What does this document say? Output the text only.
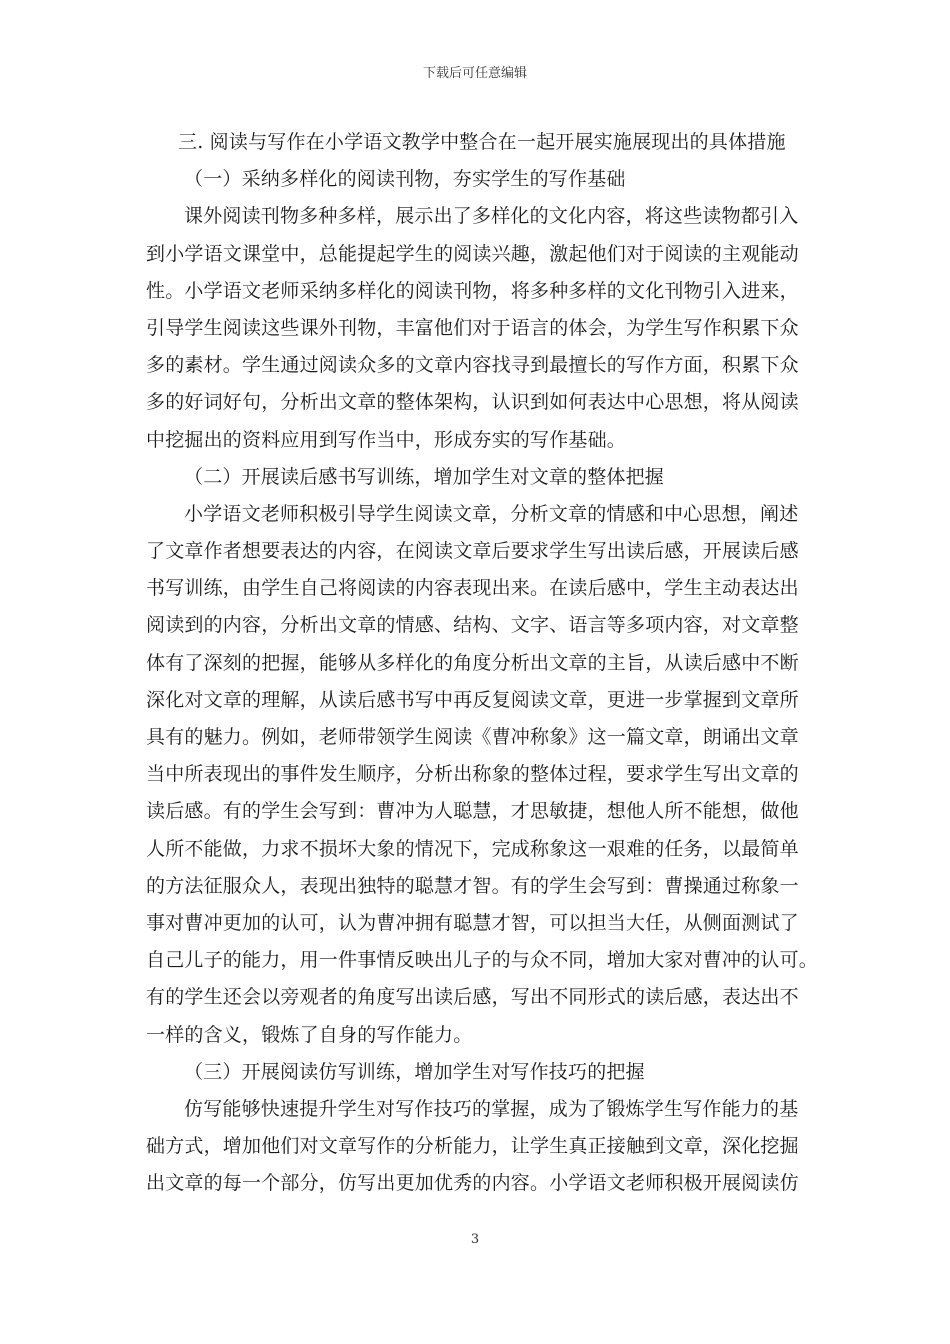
下载后可任意编辑
三. 阅读与写作在小学语文教学中整合在一起开展实施展现出的具体措施
（一）采纳多样化的阅读刊物，夯实学生的写作基础
课外阅读刊物多种多样，展示出了多样化的文化内容，将这些读物都引入
到小学语文课堂中，总能提起学生的阅读兴趣，激起他们对于阅读的主观能动
性。小学语文老师采纳多样化的阅读刊物，将多种多样的文化刊物引入进来，
引导学生阅读这些课外刊物，丰富他们对于语言的体会，为学生写作积累下众
多的素材。学生通过阅读众多的文章内容找寻到最擅长的写作方面，积累下众
多的好词好句，分析出文章的整体架构，认识到如何表达中心思想，将从阅读
中挖掘出的资料应用到写作当中，形成夯实的写作基础。
（二）开展读后感书写训练，增加学生对文章的整体把握
小学语文老师积极引导学生阅读文章，分析文章的情感和中心思想，阐述
了文章作者想要表达的内容，在阅读文章后要求学生写出读后感，开展读后感
书写训练，由学生自己将阅读的内容表现出来。在读后感中，学生主动表达出
阅读到的内容，分析出文章的情感、结构、文字、语言等多项内容，对文章整
体有了深刻的把握，能够从多样化的角度分析出文章的主旨，从读后感中不断
深化对文章的理解，从读后感书写中再反复阅读文章，更进一步掌握到文章所
具有的魅力。例如，老师带领学生阅读《曹冲称象》这一篇文章，朗诵出文章
当中所表现出的事件发生顺序，分析出称象的整体过程，要求学生写出文章的
读后感。有的学生会写到：曹冲为人聪慧，才思敏捷，想他人所不能想，做他
人所不能做，力求不损坏大象的情况下，完成称象这一艰难的任务，以最简单
的方法征服众人，表现出独特的聪慧才智。有的学生会写到：曹操通过称象一
事对曹冲更加的认可，认为曹冲拥有聪慧才智，可以担当大任，从侧面测试了
自己儿子的能力，用一件事情反映出儿子的与众不同，增加大家对曹冲的认可。
有的学生还会以旁观者的角度写出读后感，写出不同形式的读后感，表达出不
一样的含义，锻炼了自身的写作能力。
（三）开展阅读仿写训练，增加学生对写作技巧的把握
仿写能够快速提升学生对写作技巧的掌握，成为了锻炼学生写作能力的基
础方式，增加他们对文章写作的分析能力，让学生真正接触到文章，深化挖掘
出文章的每一个部分，仿写出更加优秀的内容。小学语文老师积极开展阅读仿
3
